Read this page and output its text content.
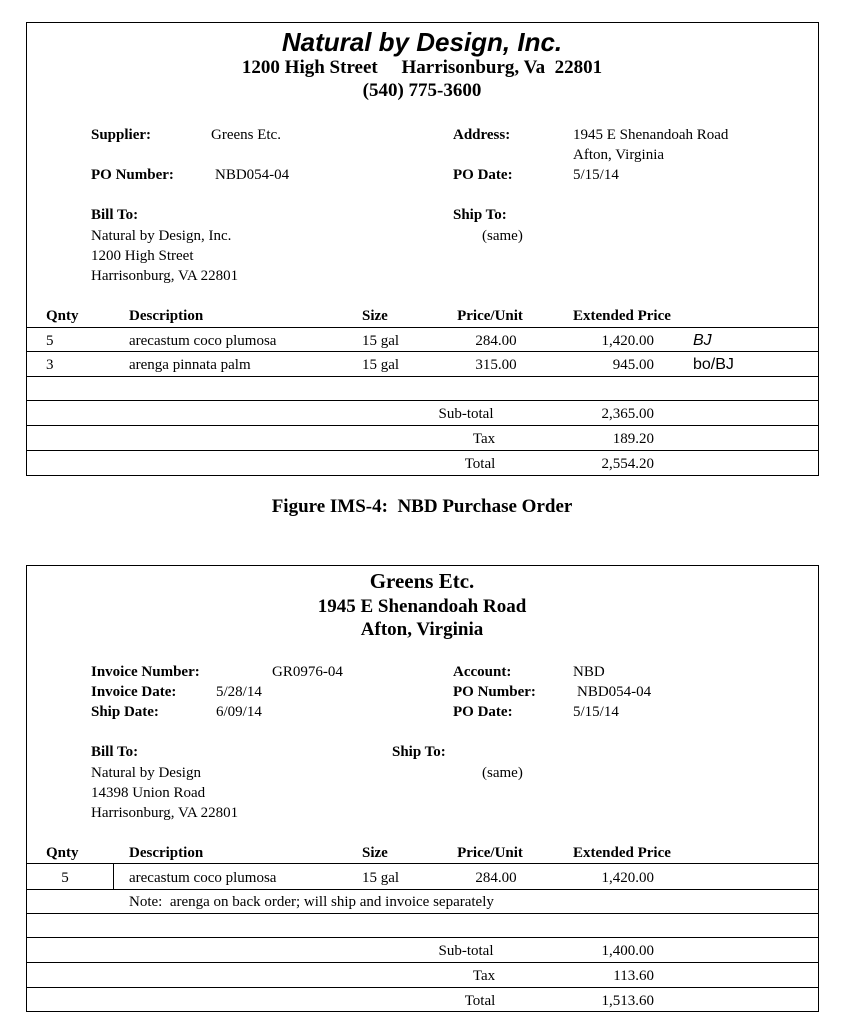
Natural by Design, Inc.
1200 High Street     Harrisonburg, Va  22801
(540) 775-3600
Supplier:	Greens Etc.	Address:	1945 E Shenandoah Road
Afton, Virginia
PO Number:	NBD054-04	PO Date:	5/15/14
Bill To:
Natural by Design, Inc.
1200 High Street
Harrisonburg, VA 22801
Ship To:
(same)
Qnty	Description	Size	Price/Unit	Extended Price
5	arecastum coco plumosa	15 gal	284.00	1,420.00 BJ
3	arenga pinnata palm	15 gal	315.00	945.00 bo/BJ
Sub-total	2,365.00
Tax	189.20
Total	2,554.20
Figure IMS-4:  NBD Purchase Order
Greens Etc.
1945 E Shenandoah Road
Afton, Virginia
Invoice Number:	GR0976-04
Invoice Date:	5/28/14
Ship Date:	6/09/14
Account:	NBD
PO Number:	NBD054-04
PO Date:	5/15/14
Bill To:
Natural by Design
14398 Union Road
Harrisonburg, VA 22801
Ship To:
(same)
Qnty	Description	Size	Price/Unit	Extended Price
5	arecastum coco plumosa	15 gal	284.00	1,420.00
Note:  arenga on back order; will ship and invoice separately
Sub-total	1,400.00
Tax	113.60
Total	1,513.60
